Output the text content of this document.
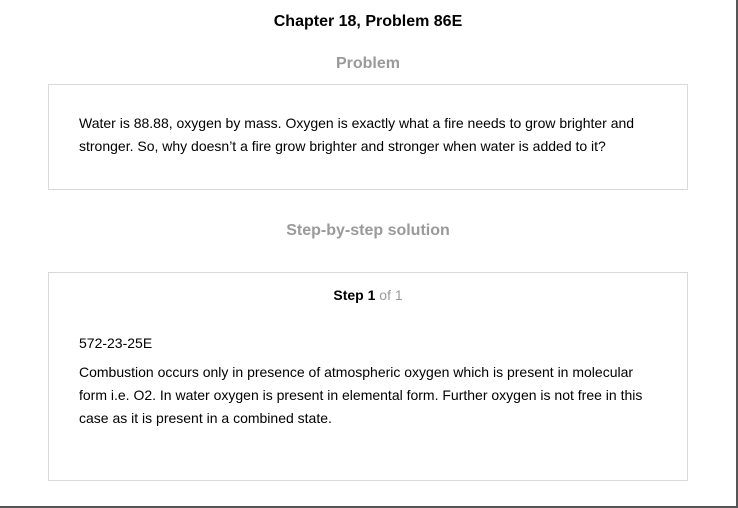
Chapter 18, Problem 86E
Problem
Water is 88.88, oxygen by mass. Oxygen is exactly what a fire needs to grow brighter and stronger. So, why doesn’t a fire grow brighter and stronger when water is added to it?
Step-by-step solution
Step 1 of 1
572-23-25E
Combustion occurs only in presence of atmospheric oxygen which is present in molecular form i.e. O2. In water oxygen is present in elemental form. Further oxygen is not free in this case as it is present in a combined state.
